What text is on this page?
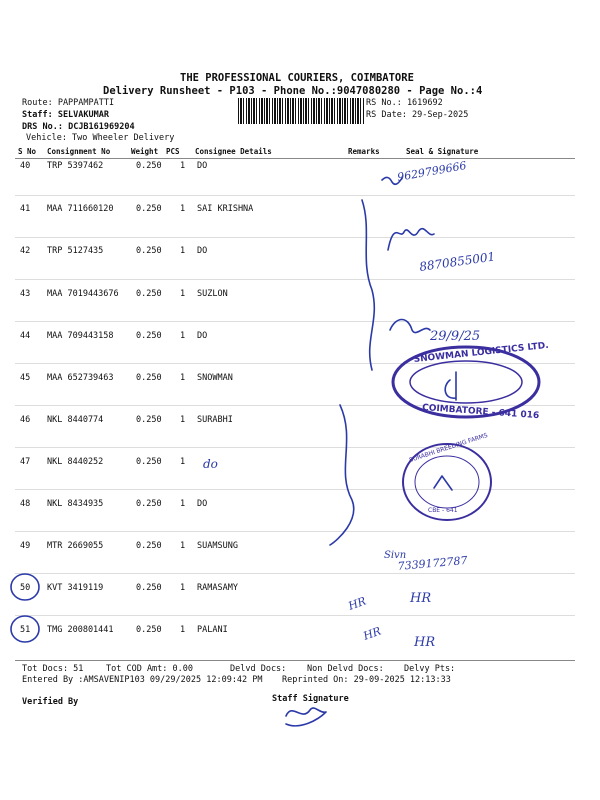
THE PROFESSIONAL COURIERS, COIMBATORE
Delivery Runsheet - P103 - Phone No.:9047080280 - Page No.:4
Route: PAPPAMPATTI
Staff: SELVAKUMAR
DRS No.: DCJB161969204
Vehicle: Two Wheeler Delivery
RS No.: 1619692
RS Date: 29-Sep-2025
S No Consignment No	Weight PCS Consignee Details	Remarks	Seal & Signature
40 TRP 5397462	0.250 1 DO
41 MAA 711660120	0.250 1 SAI KRISHNA
42 TRP 5127435	0.250 1 DO
43 MAA 7019443676 0.250 1 SUZLON
44 MAA 709443158	0.250 1 DO
45 MAA 652739463	0.250 1 SNOWMAN
46 NKL 8440774	0.250 1 SURABHI
47 NKL 8440252	0.250 1
48 NKL 8434935	0.250 1 DO
49 MTR 2669055	0.250 1 SUAMSUNG
50 KVT 3419119	0.250 1 RAMASAMY
51 TMG 200801441	0.250 1 PALANI
do
9629799666
8870855001
29/9/25
Sivn
7339172787
HR
HR
HR
HR
SNOWMAN LOGISTICS LTD.
COIMBATORE - 641 016
SURABHI BREEDING FARMS
CBE - 641
Tot Docs: 51	Tot COD Amt: 0.00	Delvd Docs: Non Delvd Docs: Delvy Pts:
Entered By :AMSAVENIP103 09/29/2025 12:09:42 PM Reprinted On: 29-09-2025 12:13:33
Verified By	Staff Signature
